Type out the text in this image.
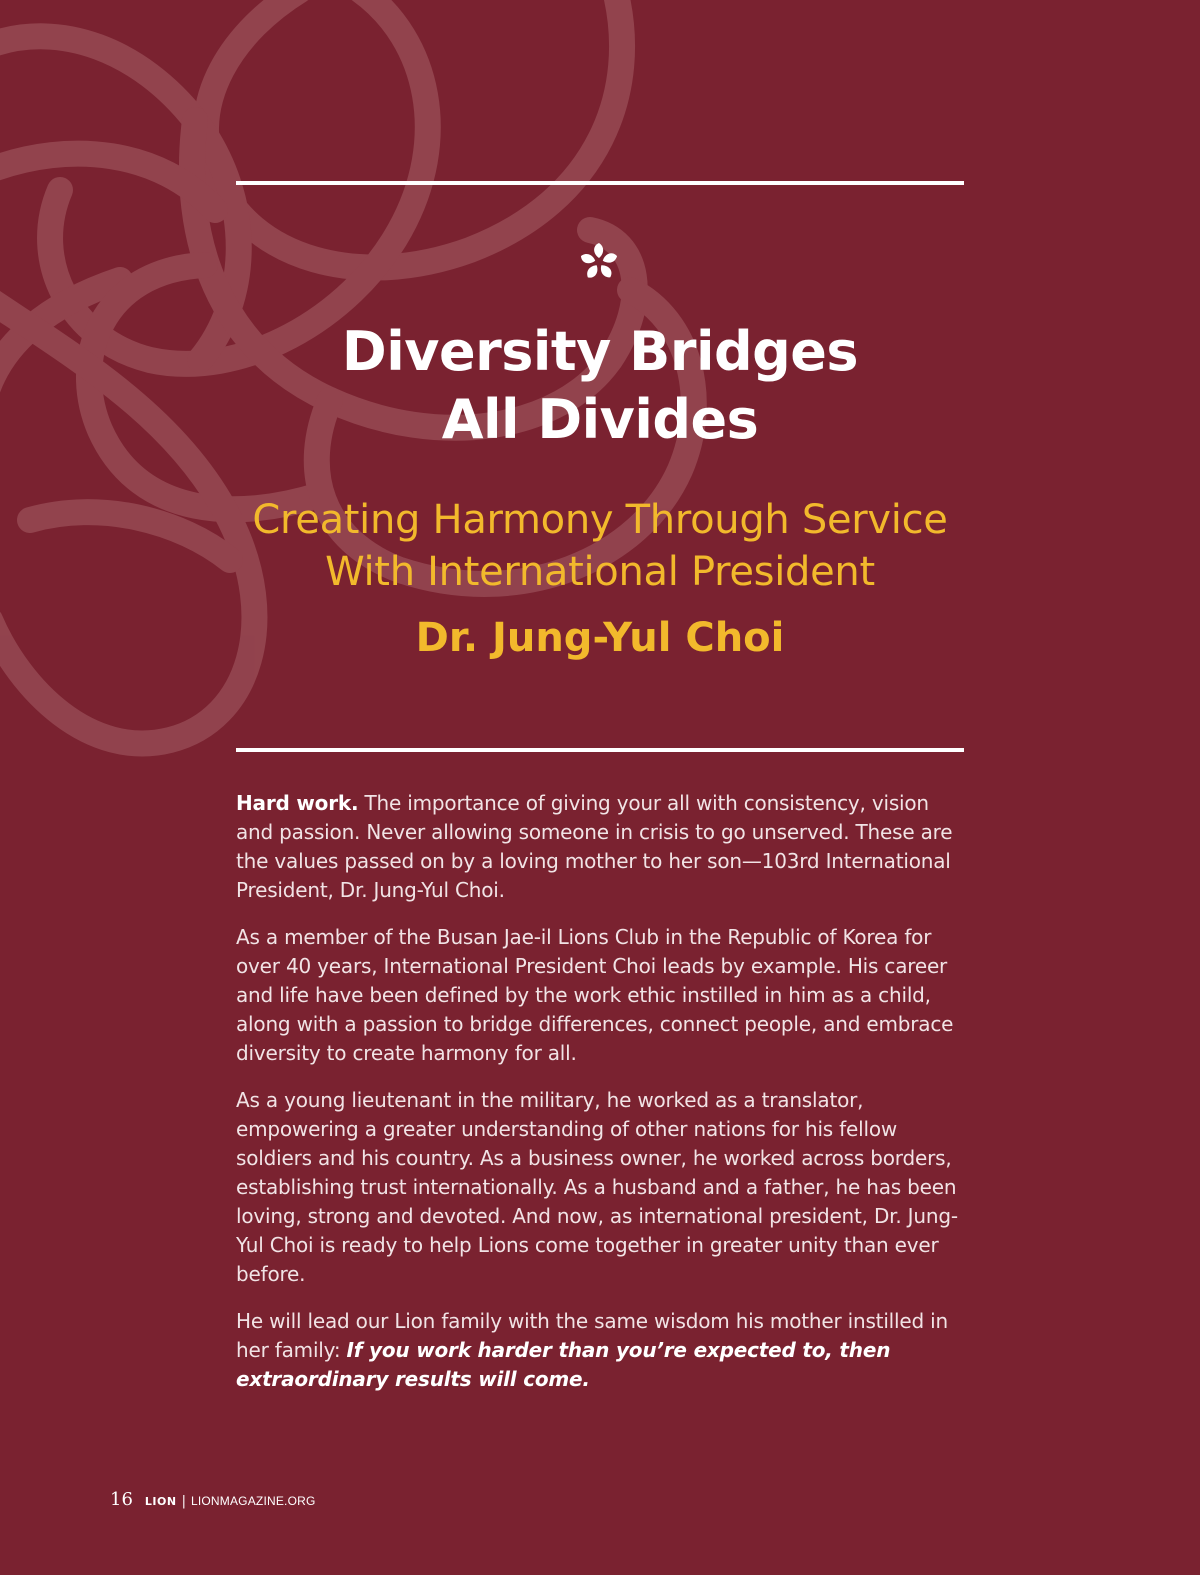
Diversity Bridges
All Divides
Creating Harmony Through Service
With International President
Dr. Jung-Yul Choi

Hard work. The importance of giving your all with consistency, vision and passion. Never allowing someone in crisis to go unserved. These are the values passed on by a loving mother to her son—103rd International President, Dr. Jung-Yul Choi.

As a member of the Busan Jae-il Lions Club in the Republic of Korea for over 40 years, International President Choi leads by example. His career and life have been defined by the work ethic instilled in him as a child, along with a passion to bridge differences, connect people, and embrace diversity to create harmony for all.

As a young lieutenant in the military, he worked as a translator, empowering a greater understanding of other nations for his fellow soldiers and his country. As a business owner, he worked across borders, establishing trust internationally. As a husband and a father, he has been loving, strong and devoted. And now, as international president, Dr. Jung-Yul Choi is ready to help Lions come together in greater unity than ever before.

He will lead our Lion family with the same wisdom his mother instilled in her family: If you work harder than you’re expected to, then extraordinary results will come.

16 LION | LIONMAGAZINE.ORG
